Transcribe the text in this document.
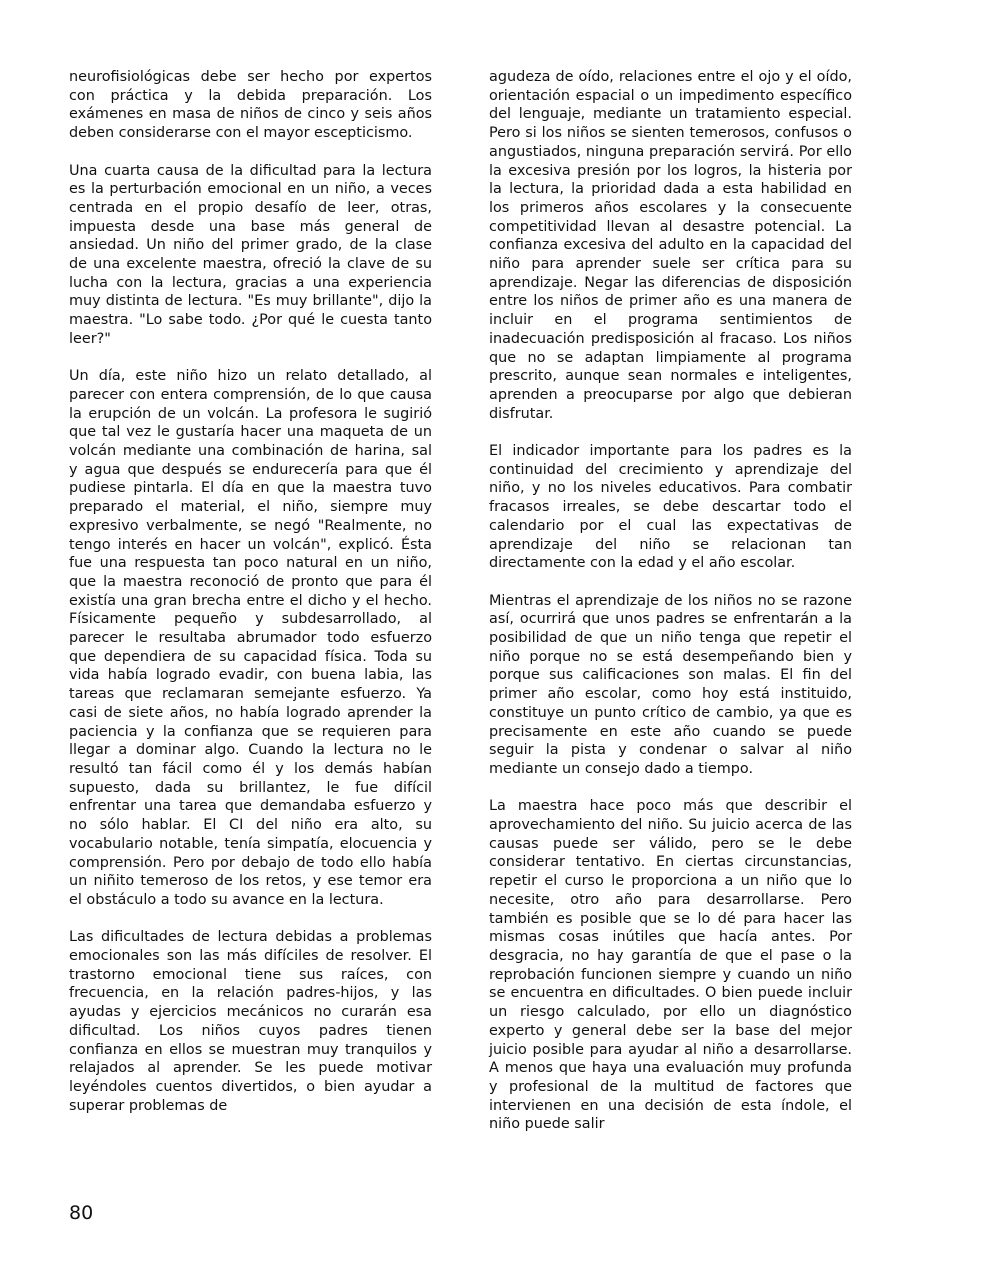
neurofisiológicas debe ser hecho por expertos con práctica y la debida preparación. Los exámenes en masa de niños de cinco y seis años deben considerarse con el mayor escepticismo.

Una cuarta causa de la dificultad para la lectura es la perturbación emocional en un niño, a veces centrada en el propio desafío de leer, otras, impuesta desde una base más general de ansiedad. Un niño del primer grado, de la clase de una excelente maestra, ofreció la clave de su lucha con la lectura, gracias a una experiencia muy distinta de lectura. "Es muy brillante", dijo la maestra. "Lo sabe todo. ¿Por qué le cuesta tanto leer?"

Un día, este niño hizo un relato detallado, al parecer con entera comprensión, de lo que causa la erupción de un volcán. La profesora le sugirió que tal vez le gustaría hacer una maqueta de un volcán mediante una combinación de harina, sal y agua que después se endurecería para que él pudiese pintarla. El día en que la maestra tuvo preparado el material, el niño, siempre muy expresivo verbalmente, se negó "Realmente, no tengo interés en hacer un volcán", explicó. Ésta fue una respuesta tan poco natural en un niño, que la maestra reconoció de pronto que para él existía una gran brecha entre el dicho y el hecho. Físicamente pequeño y subdesarrollado, al parecer le resultaba abrumador todo esfuerzo que dependiera de su capacidad física. Toda su vida había logrado evadir, con buena labia, las tareas que reclamaran semejante esfuerzo. Ya casi de siete años, no había logrado aprender la paciencia y la confianza que se requieren para llegar a dominar algo. Cuando la lectura no le resultó tan fácil como él y los demás habían supuesto, dada su brillantez, le fue difícil enfrentar una tarea que demandaba esfuerzo y no sólo hablar. El CI del niño era alto, su vocabulario notable, tenía simpatía, elocuencia y comprensión. Pero por debajo de todo ello había un niñito temeroso de los retos, y ese temor era el obstáculo a todo su avance en la lectura.

Las dificultades de lectura debidas a problemas emocionales son las más difíciles de resolver. El trastorno emocional tiene sus raíces, con frecuencia, en la relación padres-hijos, y las ayudas y ejercicios mecánicos no curarán esa dificultad. Los niños cuyos padres tienen confianza en ellos se muestran muy tranquilos y relajados al aprender. Se les puede motivar leyéndoles cuentos divertidos, o bien ayudar a superar problemas de

agudeza de oído, relaciones entre el ojo y el oído, orientación espacial o un impedimento específico del lenguaje, mediante un tratamiento especial. Pero si los niños se sienten temerosos, confusos o angustiados, ninguna preparación servirá. Por ello la excesiva presión por los logros, la histeria por la lectura, la prioridad dada a esta habilidad en los primeros años escolares y la consecuente competitividad llevan al desastre potencial. La confianza excesiva del adulto en la capacidad del niño para aprender suele ser crítica para su aprendizaje. Negar las diferencias de disposición entre los niños de primer año es una manera de incluir en el programa sentimientos de inadecuación predisposición al fracaso. Los niños que no se adaptan limpiamente al programa prescrito, aunque sean normales e inteligentes, aprenden a preocuparse por algo que debieran disfrutar.

El indicador importante para los padres es la continuidad del crecimiento y aprendizaje del niño, y no los niveles educativos. Para combatir fracasos irreales, se debe descartar todo el calendario por el cual las expectativas de aprendizaje del niño se relacionan tan directamente con la edad y el año escolar.

Mientras el aprendizaje de los niños no se razone así, ocurrirá que unos padres se enfrentarán a la posibilidad de que un niño tenga que repetir el niño porque no se está desempeñando bien y porque sus calificaciones son malas. El fin del primer año escolar, como hoy está instituido, constituye un punto crítico de cambio, ya que es precisamente en este año cuando se puede seguir la pista y condenar o salvar al niño mediante un consejo dado a tiempo.

La maestra hace poco más que describir el aprovechamiento del niño. Su juicio acerca de las causas puede ser válido, pero se le debe considerar tentativo. En ciertas circunstancias, repetir el curso le proporciona a un niño que lo necesite, otro año para desarrollarse. Pero también es posible que se lo dé para hacer las mismas cosas inútiles que hacía antes. Por desgracia, no hay garantía de que el pase o la reprobación funcionen siempre y cuando un niño se encuentra en dificultades. O bien puede incluir un riesgo calculado, por ello un diagnóstico experto y general debe ser la base del mejor juicio posible para ayudar al niño a desarrollarse. A menos que haya una evaluación muy profunda y profesional de la multitud de factores que intervienen en una decisión de esta índole, el niño puede salir

80
